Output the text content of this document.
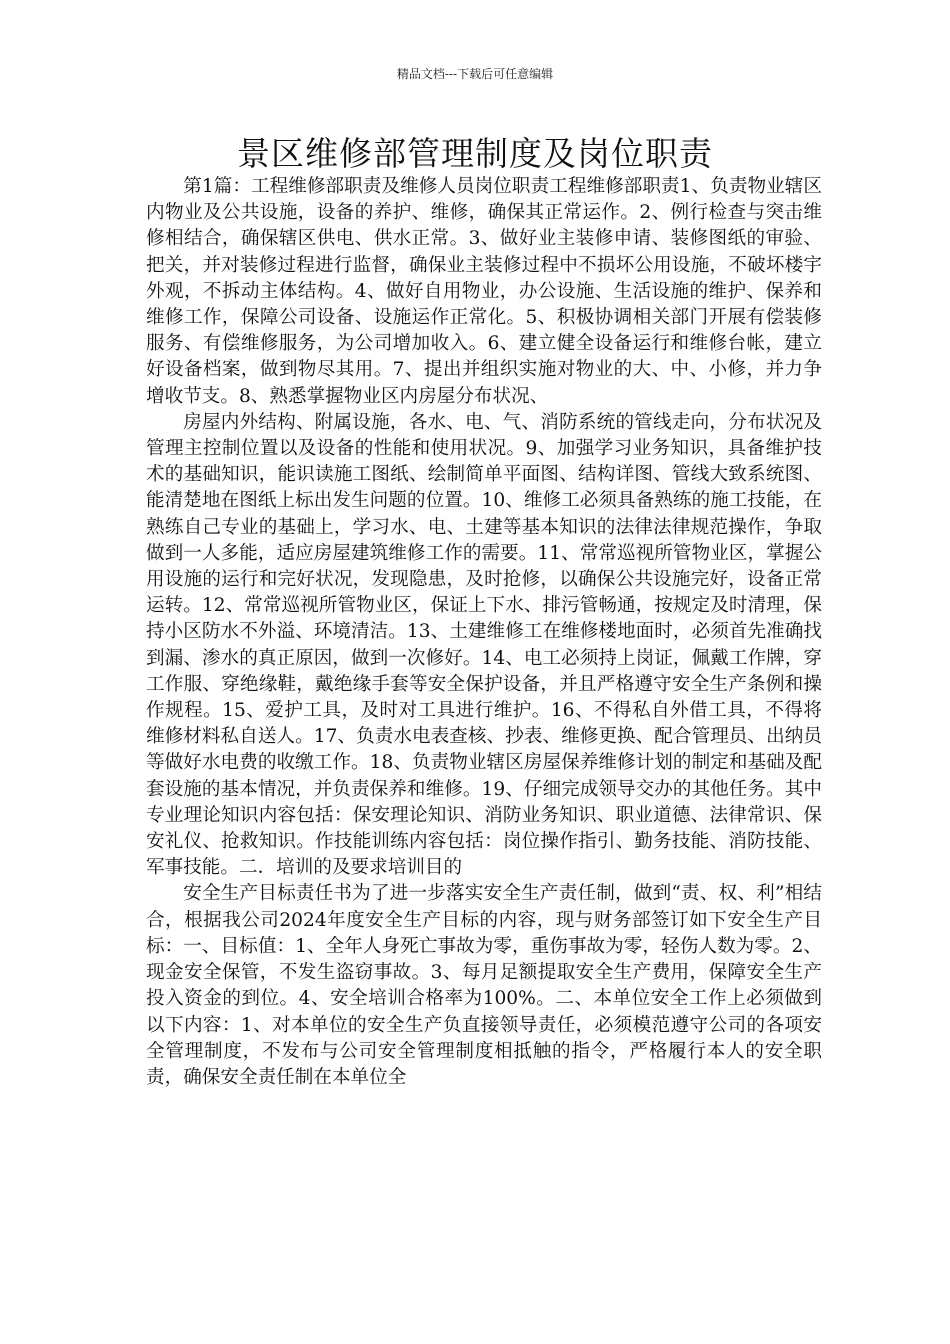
精品文档---下载后可任意编辑
景区维修部管理制度及岗位职责

第1篇：工程维修部职责及维修人员岗位职责工程维修部职责1、负责物业辖区内物业及公共设施，设备的养护、维修，确保其正常运作。2、例行检查与突击维修相结合，确保辖区供电、供水正常。3、做好业主装修申请、装修图纸的审验、把关，并对装修过程进行监督，确保业主装修过程中不损坏公用设施，不破坏楼宇外观，不拆动主体结构。4、做好自用物业，办公设施、生活设施的维护、保养和维修工作，保障公司设备、设施运作正常化。5、积极协调相关部门开展有偿装修服务、有偿维修服务，为公司增加收入。6、建立健全设备运行和维修台帐，建立好设备档案，做到物尽其用。7、提出并组织实施对物业的大、中、小修，并力争增收节支。8、熟悉掌握物业区内房屋分布状况、

房屋内外结构、附属设施，各水、电、气、消防系统的管线走向，分布状况及管理主控制位置以及设备的性能和使用状况。9、加强学习业务知识，具备维护技术的基础知识，能识读施工图纸、绘制简单平面图、结构详图、管线大致系统图、能清楚地在图纸上标出发生问题的位置。10、维修工必须具备熟练的施工技能，在熟练自己专业的基础上，学习水、电、土建等基本知识的法律法律规范操作，争取做到一人多能，适应房屋建筑维修工作的需要。11、常常巡视所管物业区，掌握公用设施的运行和完好状况，发现隐患，及时抢修，以确保公共设施完好，设备正常运转。12、常常巡视所管物业区，保证上下水、排污管畅通，按规定及时清理，保持小区防水不外溢、环境清洁。13、土建维修工在维修楼地面时，必须首先准确找到漏、渗水的真正原因，做到一次修好。14、电工必须持上岗证，佩戴工作牌，穿工作服、穿绝缘鞋，戴绝缘手套等安全保护设备，并且严格遵守安全生产条例和操作规程。15、爱护工具，及时对工具进行维护。16、不得私自外借工具，不得将维修材料私自送人。17、负责水电表查核、抄表、维修更换、配合管理员、出纳员等做好水电费的收缴工作。18、负责物业辖区房屋保养维修计划的制定和基础及配套设施的基本情况，并负责保养和维修。19、仔细完成领导交办的其他任务。其中专业理论知识内容包括：保安理论知识、消防业务知识、职业道德、法律常识、保安礼仪、抢救知识。作技能训练内容包括：岗位操作指引、勤务技能、消防技能、军事技能。二．培训的及要求培训目的

安全生产目标责任书为了进一步落实安全生产责任制，做到“责、权、利”相结合，根据我公司2024年度安全生产目标的内容，现与财务部签订如下安全生产目标：一、目标值：1、全年人身死亡事故为零，重伤事故为零，轻伤人数为零。2、现金安全保管，不发生盗窃事故。3、每月足额提取安全生产费用，保障安全生产投入资金的到位。4、安全培训合格率为100%。二、本单位安全工作上必须做到以下内容：1、对本单位的安全生产负直接领导责任，必须模范遵守公司的各项安全管理制度，不发布与公司安全管理制度相抵触的指令，严格履行本人的安全职责，确保安全责任制在本单位全
